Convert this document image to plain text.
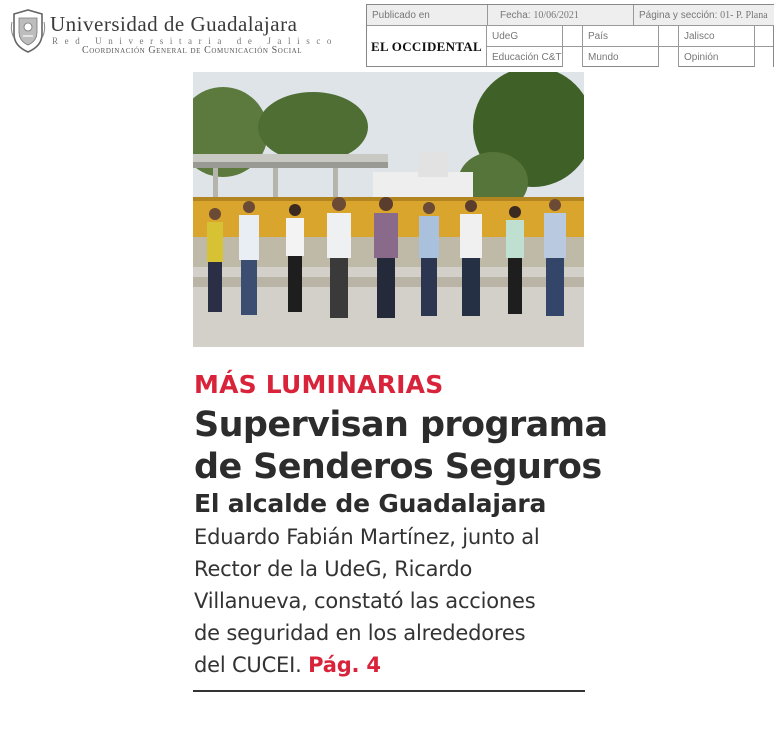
Universidad de Guadalajara
Red Universitaria de Jalisco
Coordinación General de Comunicación Social
Publicado en	Fecha: 10/06/2021	Página y sección: 01- P. Plana
EL OCCIDENTAL
UdeG	País	Jalisco
Educación C&T	Mundo	Opinión
MÁS LUMINARIAS
Supervisan programa
de Senderos Seguros
El alcalde de Guadalajara
Eduardo Fabián Martínez, junto al
Rector de la UdeG, Ricardo
Villanueva, constató las acciones
de seguridad en los alrededores
del CUCEI. Pág. 4
